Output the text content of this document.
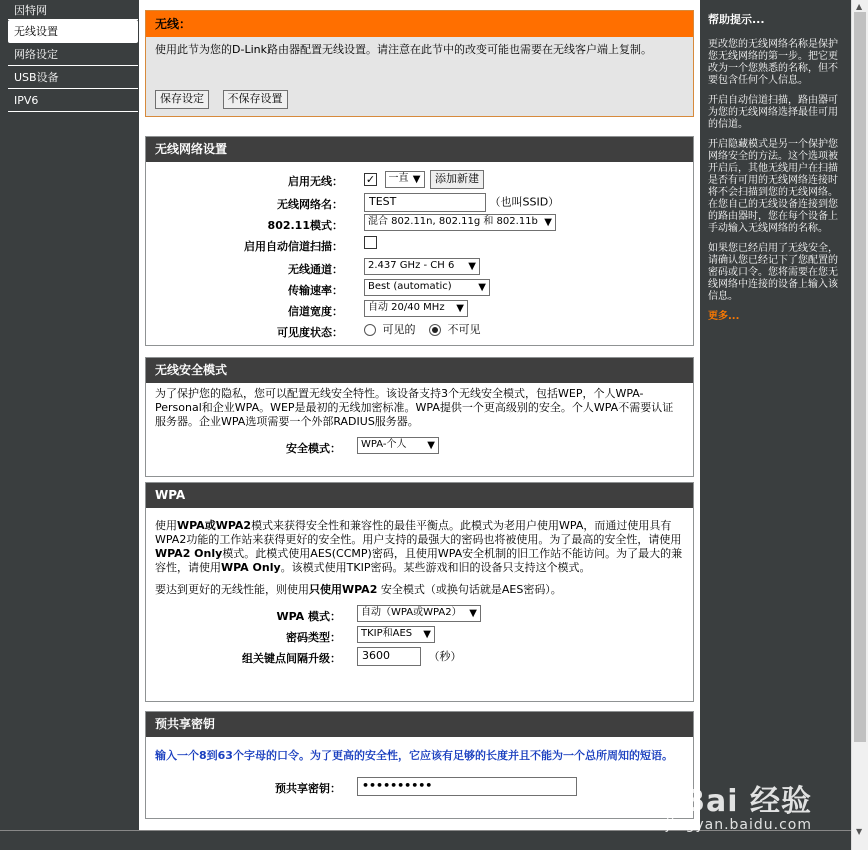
因特网
无线设置
网络设定
USB设备
IPV6
无线：
使用此节为您的D-Link路由器配置无线设置。请注意在此节中的改变可能也需要在无线客户端上复制。
保存设定 不保存设置
无线网络设置
启用无线： ✓ 一直 ▼ 添加新建
无线网络名：	TEST	（也叫SSID）
802.11模式：	混合 802.11n, 802.11g 和 802.11b ▼
启用自动信道扫描：
无线通道：	2.437 GHz - CH 6 ▼
传输速率：	Best (automatic)	▼
信道宽度：	自动 20/40 MHz ▼
可见度状态：	可见的	不可见
无线安全模式
为了保护您的隐私，您可以配置无线安全特性。该设备支持3个无线安全模式，包括WEP，个人WPA-Personal和企业WPA。WEP是最初的无线加密标准。WPA提供一个更高级别的安全。个人WPA不需要认证服务器。企业WPA选项需要一个外部RADIUS服务器。
安全模式：	WPA-个人 ▼
WPA
使用WPA或WPA2模式来获得安全性和兼容性的最佳平衡点。此模式为老用户使用WPA，而通过使用具有WPA2功能的工作站来获得更好的安全性。用户支持的最强大的密码也将被使用。为了最高的安全性，请使用WPA2 Only模式。此模式使用AES(CCMP)密码，且使用WPA安全机制的旧工作站不能访问。为了最大的兼容性，请使用WPA Only。该模式使用TKIP密码。某些游戏和旧的设备只支持这个模式。
要达到更好的无线性能，则使用只使用WPA2 安全模式（或换句话就是AES密码）。
WPA 模式：	自动（WPA或WPA2） ▼
密码类型：	TKIP和AES ▼
组关键点间隔升级：	3600	（秒）
预共享密钥
输入一个8到63个字母的口令。为了更高的安全性，它应该有足够的长度并且不能为一个总所周知的短语。
预共享密钥：	••••••••••
帮助提示...

更改您的无线网络名称是保护您无线网络的第一步。把它更改为一个您熟悉的名称，但不要包含任何个人信息。

开启自动信道扫描，路由器可为您的无线网络选择最佳可用的信道。

开启隐藏模式是另一个保护您网络安全的方法。这个选项被开启后，其他无线用户在扫描是否有可用的无线网络连接时将不会扫描到您的无线网络。在您自己的无线设备连接到您的路由器时，您在每个设备上手动输入无线网络的名称。

如果您已经启用了无线安全，请确认您已经记下了您配置的密码或口令。您将需要在您无线网络中连接的设备上输入该信息。

更多...
▲
▼
Bai 经验
jingyan.baidu.com
